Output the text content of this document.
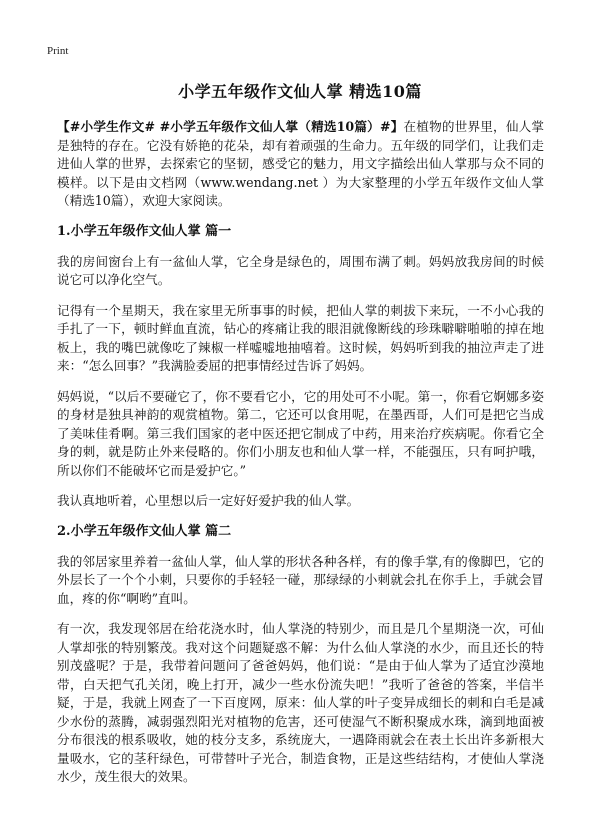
Print
小学五年级作文仙人掌 精选10篇

【#小学生作文# #小学五年级作文仙人掌（精选10篇）#】在植物的世界里，仙人掌是独特的存在。它没有娇艳的花朵，却有着顽强的生命力。五年级的同学们，让我们走进仙人掌的世界，去探索它的坚韧，感受它的魅力，用文字描绘出仙人掌那与众不同的模样。以下是由文档网（www.wendang.net ）为大家整理的小学五年级作文仙人掌（精选10篇），欢迎大家阅读。

1.小学五年级作文仙人掌 篇一

我的房间窗台上有一盆仙人掌，它全身是绿色的，周围布满了刺。妈妈放我房间的时候说它可以净化空气。

记得有一个星期天，我在家里无所事事的时候，把仙人掌的刺拔下来玩，一不小心我的手扎了一下，顿时鲜血直流，钻心的疼痛让我的眼泪就像断线的珍珠噼噼啪啪的掉在地板上，我的嘴巴就像吃了辣椒一样嘘嘘地抽嘻着。这时候，妈妈听到我的抽泣声走了进来：“怎么回事？”我满脸委屈的把事情经过告诉了妈妈。

妈妈说，“以后不要碰它了，你不要看它小，它的用处可不小呢。第一，你看它婀娜多姿的身材是独具神韵的观赏植物。第二，它还可以食用呢，在墨西哥，人们可是把它当成了美味佳肴啊。第三我们国家的老中医还把它制成了中药，用来治疗疾病呢。你看它全身的刺，就是防止外来侵略的。你们小朋友也和仙人掌一样，不能强压，只有呵护哦，所以你们不能破坏它而是爱护它。”

我认真地听着，心里想以后一定好好爱护我的仙人掌。

2.小学五年级作文仙人掌 篇二

我的邻居家里养着一盆仙人掌，仙人掌的形状各种各样，有的像手掌,有的像脚巴，它的外层长了一个个小刺，只要你的手轻轻一碰，那绿绿的小刺就会扎在你手上，手就会冒血，疼的你“啊哟”直叫。

有一次，我发现邻居在给花浇水时，仙人掌浇的特别少，而且是几个星期浇一次，可仙人掌却张的特别繁茂。我对这个问题疑惑不解：为什么仙人掌浇的水少，而且还长的特别茂盛呢？于是，我带着问题问了爸爸妈妈，他们说：“是由于仙人掌为了适宜沙漠地带，白天把气孔关闭，晚上打开，减少一些水份流失吧！”我听了爸爸的答案，半信半疑，于是，我就上网查了一下百度网，原来：仙人掌的叶子变异成细长的刺和白毛是减少水份的蒸腾，减弱强烈阳光对植物的危害，还可使湿气不断积聚成水珠，滴到地面被分布很浅的根系吸收，她的枝分支多，系统庞大，一遇降雨就会在表土长出许多新根大量吸水，它的茎秆绿色，可带替叶子光合，制造食物，正是这些结结构，才使仙人掌浇水少，茂生很大的效果。
